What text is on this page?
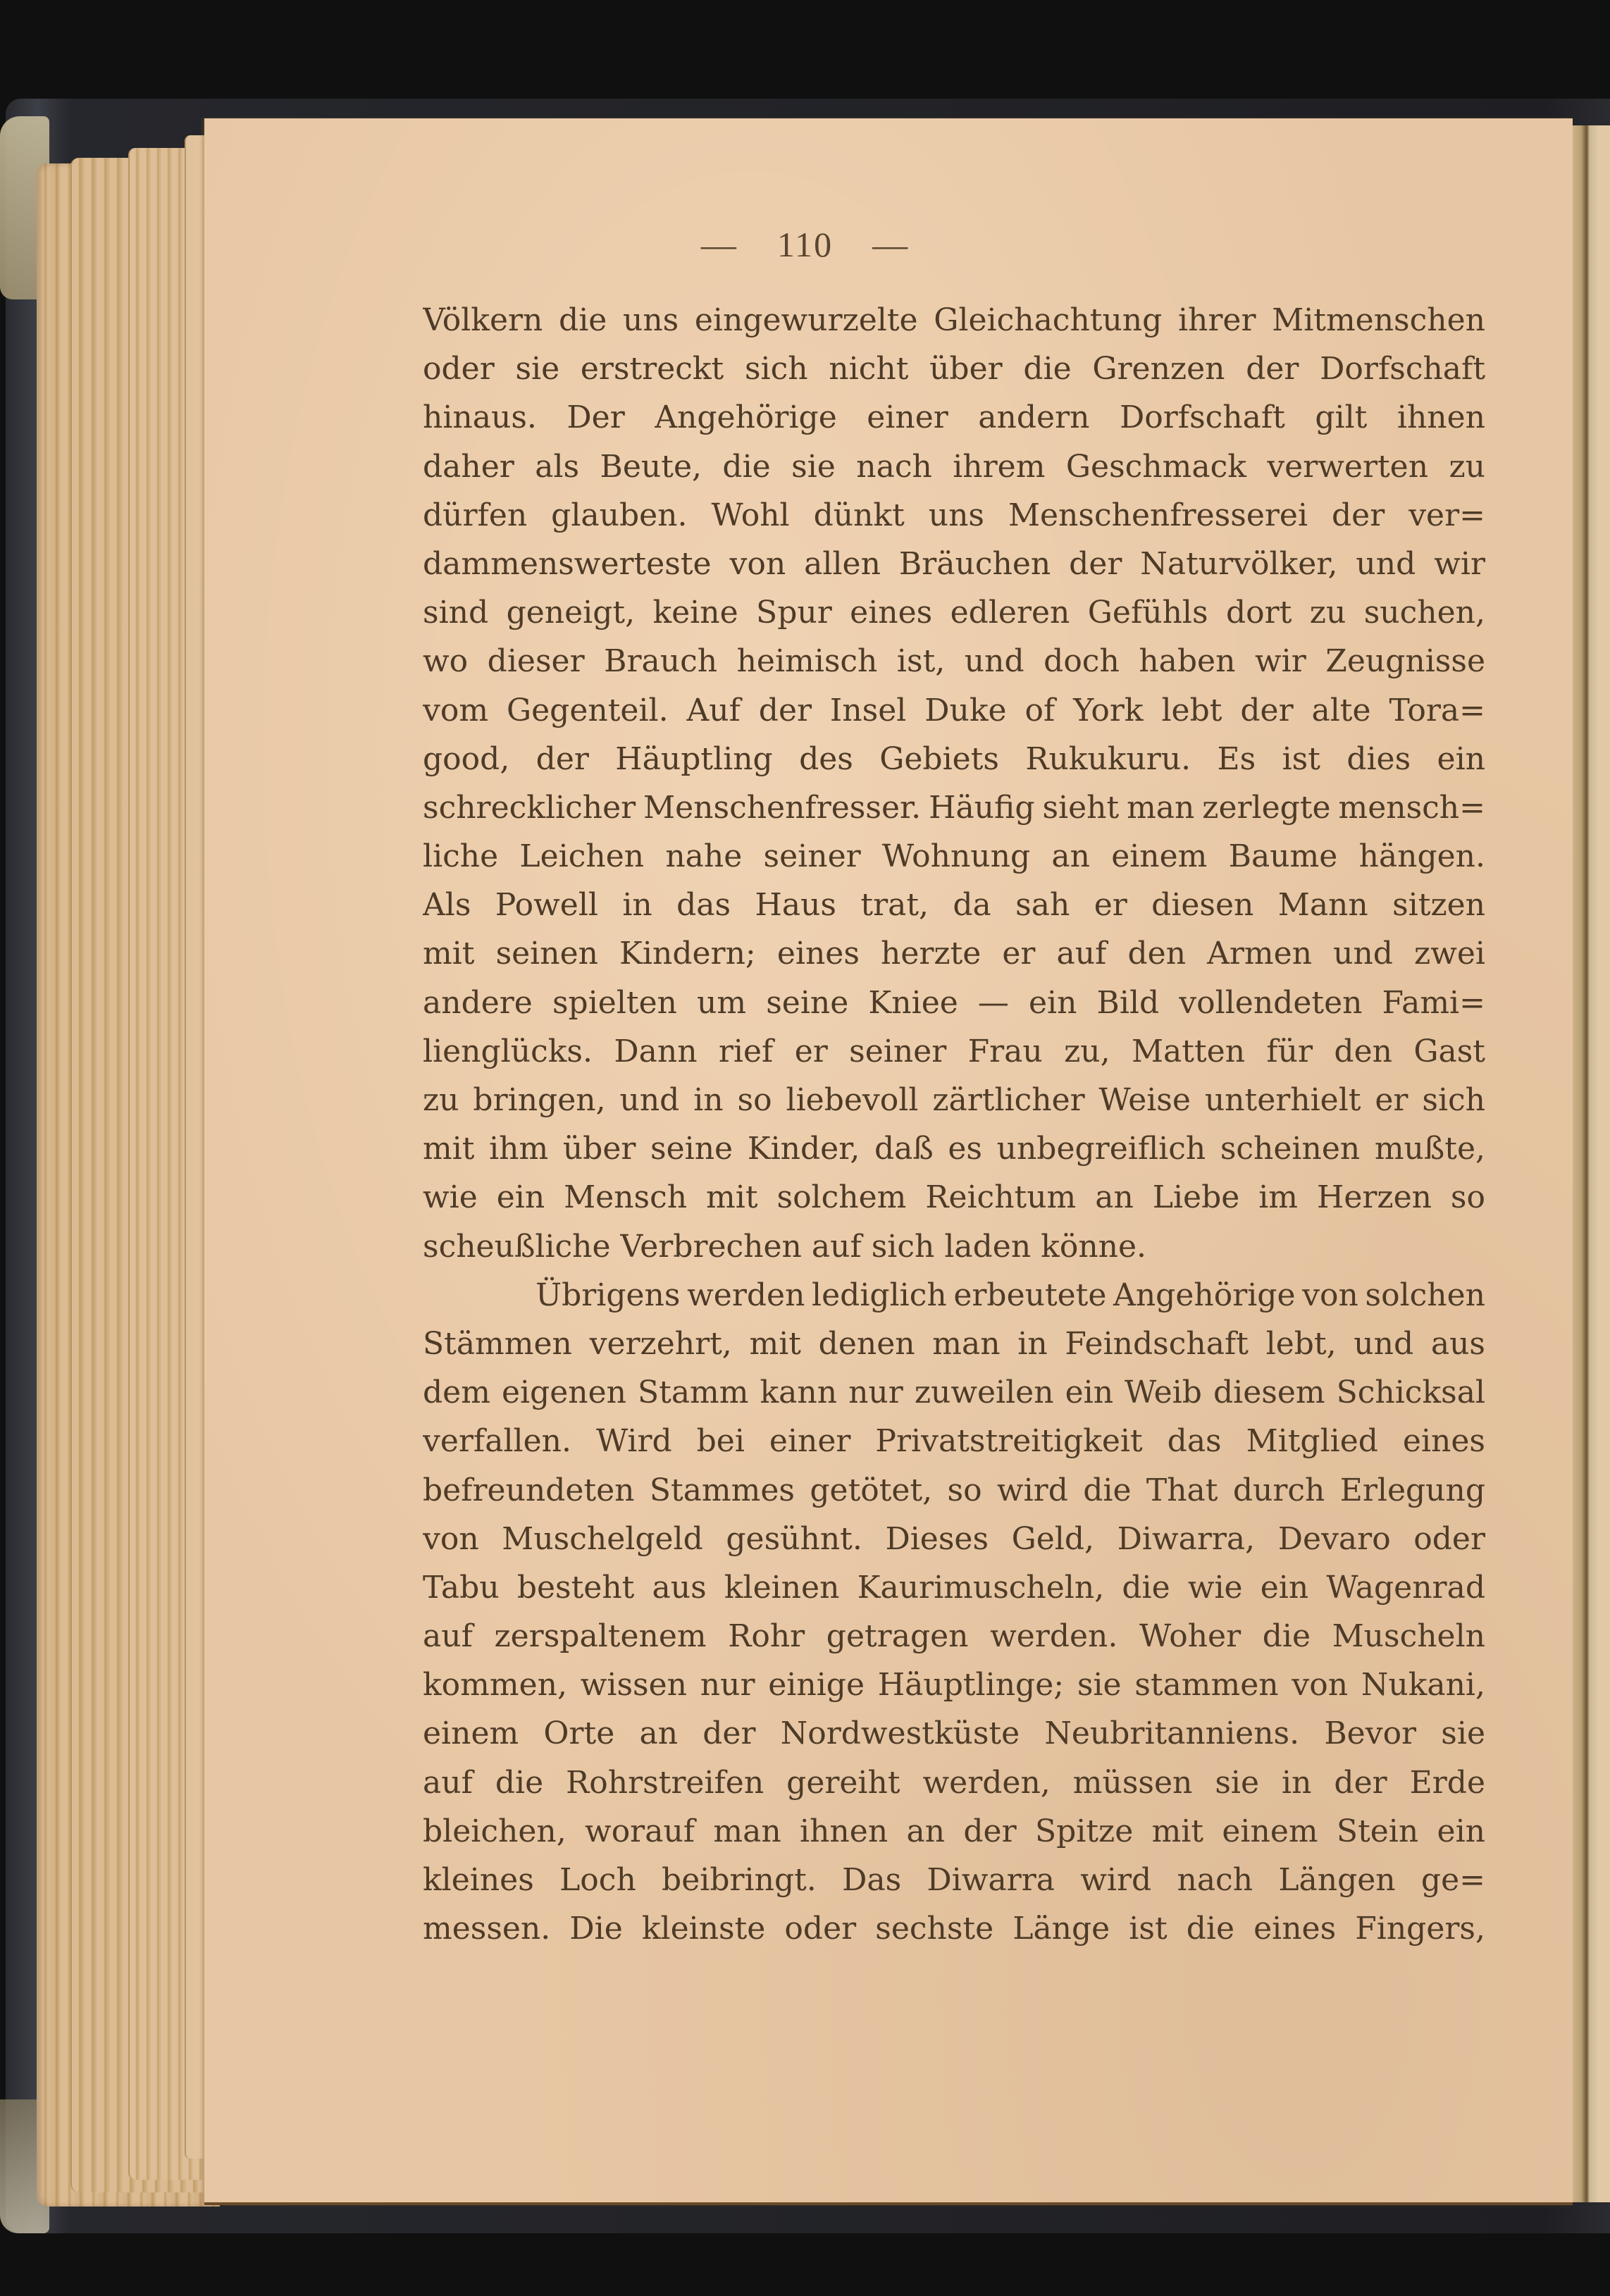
— 110 —
Völkern die uns eingewurzelte Gleichachtung ihrer Mitmenschen
oder sie erstreckt sich nicht über die Grenzen der Dorfschaft
hinaus. Der Angehörige einer andern Dorfschaft gilt ihnen
daher als Beute, die sie nach ihrem Geschmack verwerten zu
dürfen glauben. Wohl dünkt uns Menschenfresserei der ver=
dammenswerteste von allen Bräuchen der Naturvölker, und wir
sind geneigt, keine Spur eines edleren Gefühls dort zu suchen,
wo dieser Brauch heimisch ist, und doch haben wir Zeugnisse
vom Gegenteil. Auf der Insel Duke of York lebt der alte Tora=
good, der Häuptling des Gebiets Rukukuru. Es ist dies ein
schrecklicher Menschenfresser. Häufig sieht man zerlegte mensch=
liche Leichen nahe seiner Wohnung an einem Baume hängen.
Als Powell in das Haus trat, da sah er diesen Mann sitzen
mit seinen Kindern; eines herzte er auf den Armen und zwei
andere spielten um seine Kniee — ein Bild vollendeten Fami=
lienglücks. Dann rief er seiner Frau zu, Matten für den Gast
zu bringen, und in so liebevoll zärtlicher Weise unterhielt er sich
mit ihm über seine Kinder, daß es unbegreiflich scheinen mußte,
wie ein Mensch mit solchem Reichtum an Liebe im Herzen so
scheußliche Verbrechen auf sich laden könne.
Übrigens werden lediglich erbeutete Angehörige von solchen
Stämmen verzehrt, mit denen man in Feindschaft lebt, und aus
dem eigenen Stamm kann nur zuweilen ein Weib diesem Schicksal
verfallen. Wird bei einer Privatstreitigkeit das Mitglied eines
befreundeten Stammes getötet, so wird die That durch Erlegung
von Muschelgeld gesühnt. Dieses Geld, Diwarra, Devaro oder
Tabu besteht aus kleinen Kaurimuscheln, die wie ein Wagenrad
auf zerspaltenem Rohr getragen werden. Woher die Muscheln
kommen, wissen nur einige Häuptlinge; sie stammen von Nukani,
einem Orte an der Nordwestküste Neubritanniens. Bevor sie
auf die Rohrstreifen gereiht werden, müssen sie in der Erde
bleichen, worauf man ihnen an der Spitze mit einem Stein ein
kleines Loch beibringt. Das Diwarra wird nach Längen ge=
messen. Die kleinste oder sechste Länge ist die eines Fingers,
